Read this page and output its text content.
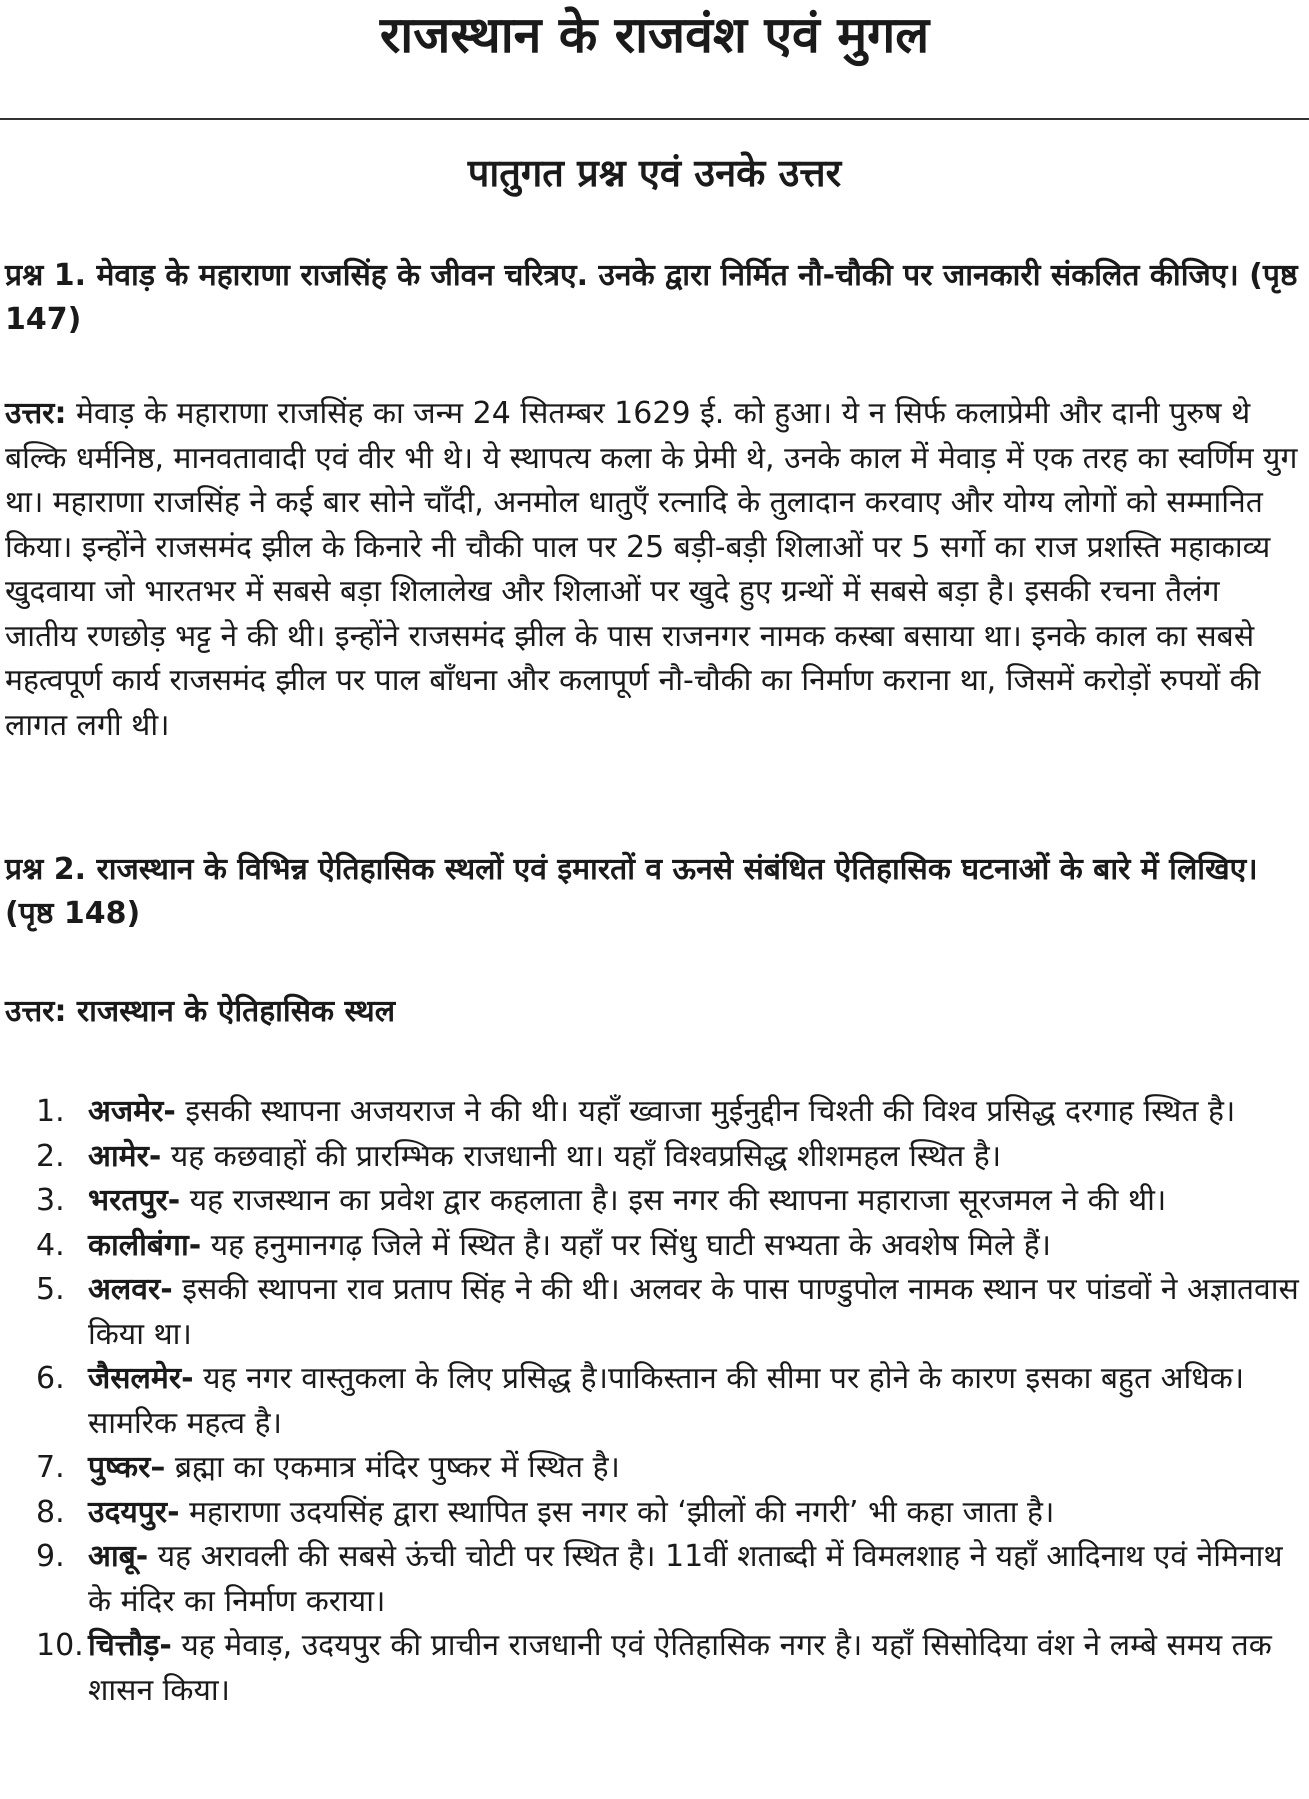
राजस्थान के राजवंश एवं मुगल
पातुगत प्रश्न एवं उनके उत्तर

प्रश्न 1. मेवाड़ के महाराणा राजसिंह के जीवन चरित्रए. उनके द्वारा निर्मित नौ-चौकी पर जानकारी संकलित कीजिए। (पृष्ठ 147)

उत्तर: मेवाड़ के महाराणा राजसिंह का जन्म 24 सितम्बर 1629 ई. को हुआ। ये न सिर्फ कलाप्रेमी और दानी पुरुष थे बल्कि धर्मनिष्ठ, मानवतावादी एवं वीर भी थे। ये स्थापत्य कला के प्रेमी थे, उनके काल में मेवाड़ में एक तरह का स्वर्णिम युग था। महाराणा राजसिंह ने कई बार सोने चाँदी, अनमोल धातुएँ रत्नादि के तुलादान करवाए और योग्य लोगों को सम्मानित किया। इन्होंने राजसमंद झील के किनारे नी चौकी पाल पर 25 बड़ी-बड़ी शिलाओं पर 5 सर्गो का राज प्रशस्ति महाकाव्य खुदवाया जो भारतभर में सबसे बड़ा शिलालेख और शिलाओं पर खुदे हुए ग्रन्थों में सबसे बड़ा है। इसकी रचना तैलंग जातीय रणछोड़ भट्ट ने की थी। इन्होंने राजसमंद झील के पास राजनगर नामक कस्बा बसाया था। इनके काल का सबसे महत्वपूर्ण कार्य राजसमंद झील पर पाल बाँधना और कलापूर्ण नौ-चौकी का निर्माण कराना था, जिसमें करोड़ों रुपयों की लागत लगी थी।

प्रश्न 2. राजस्थान के विभिन्न ऐतिहासिक स्थलों एवं इमारतों व ऊनसे संबंधित ऐतिहासिक घटनाओं के बारे में लिखिए। (पृष्ठ 148)

उत्तर: राजस्थान के ऐतिहासिक स्थल

1. अजमेर- इसकी स्थापना अजयराज ने की थी। यहाँ ख्वाजा मुईनुद्दीन चिश्ती की विश्व प्रसिद्ध दरगाह स्थित है।
2. आमेर- यह कछवाहों की प्रारम्भिक राजधानी था। यहाँ विश्वप्रसिद्ध शीशमहल स्थित है।
3. भरतपुर- यह राजस्थान का प्रवेश द्वार कहलाता है। इस नगर की स्थापना महाराजा सूरजमल ने की थी।
4. कालीबंगा- यह हनुमानगढ़ जिले में स्थित है। यहाँ पर सिंधु घाटी सभ्यता के अवशेष मिले हैं।
5. अलवर- इसकी स्थापना राव प्रताप सिंह ने की थी। अलवर के पास पाण्डुपोल नामक स्थान पर पांडवों ने अज्ञातवास किया था।
6. जैसलमेर- यह नगर वास्तुकला के लिए प्रसिद्ध है।पाकिस्तान की सीमा पर होने के कारण इसका बहुत अधिक। सामरिक महत्व है।
7. पुष्कर– ब्रह्मा का एकमात्र मंदिर पुष्कर में स्थित है।
8. उदयपुर- महाराणा उदयसिंह द्वारा स्थापित इस नगर को ‘झीलों की नगरी’ भी कहा जाता है।
9. आबू- यह अरावली की सबसे ऊंची चोटी पर स्थित है। 11वीं शताब्दी में विमलशाह ने यहाँ आदिनाथ एवं नेमिनाथ के मंदिर का निर्माण कराया।
10. चित्तौड़- यह मेवाड़, उदयपुर की प्राचीन राजधानी एवं ऐतिहासिक नगर है। यहाँ सिसोदिया वंश ने लम्बे समय तक शासन किया।
